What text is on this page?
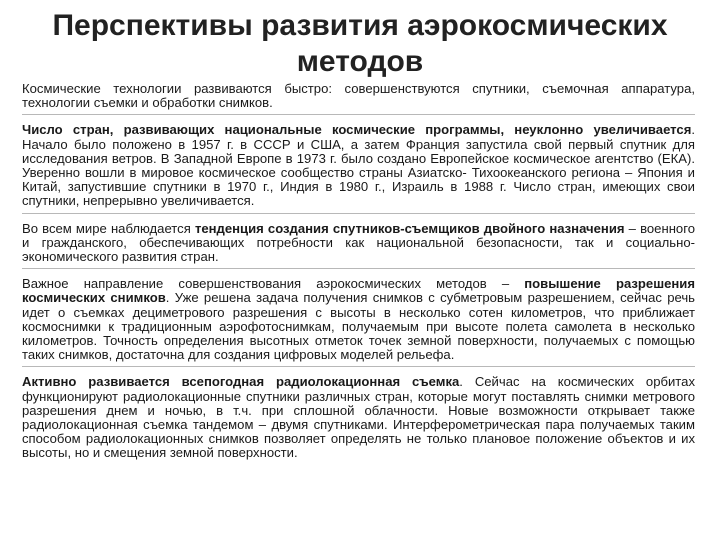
Перспективы развития аэрокосмических методов

Космические технологии развиваются быстро: совершенствуются спутники, съемочная аппаратура, технологии съемки и обработки снимков.

Число стран, развивающих национальные космические программы, неуклонно увеличивается. Начало было положено в 1957 г. в СССР и США, а затем Франция запустила свой первый спутник для исследования ветров. В Западной Европе в 1973 г. было создано Европейское космическое агентство (ЕКА). Уверенно вошли в мировое космическое сообщество страны Азиатско- Тихоокеанского региона – Япония и Китай, запустившие спутники в 1970 г., Индия в 1980 г., Израиль в 1988 г. Число стран, имеющих свои спутники, непрерывно увеличивается.

Во всем мире наблюдается тенденция создания спутников-съемщиков двойного назначения – военного и гражданского, обеспечивающих потребности как национальной безопасности, так и социально-экономического развития стран.

Важное направление совершенствования аэрокосмических методов – повышение разрешения космических снимков. Уже решена задача получения снимков с субметровым разрешением, сейчас речь идет о съемках дециметрового разрешения с высоты в несколько сотен километров, что приближает космоснимки к традиционным аэрофотоснимкам, получаемым при высоте полета самолета в несколько километров. Точность определения высотных отметок точек земной поверхности, получаемых с помощью таких снимков, достаточна для создания цифровых моделей рельефа.

Активно развивается всепогодная радиолокационная съемка. Сейчас на космических орбитах функционируют радиолокационные спутники различных стран, которые могут поставлять снимки метрового разрешения днем и ночью, в т.ч. при сплошной облачности. Новые возможности открывает также радиолокационная съемка тандемом – двумя спутниками. Интерферометрическая пара получаемых таким способом радиолокационных снимков позволяет определять не только плановое положение объектов и их высоты, но и смещения земной поверхности.
